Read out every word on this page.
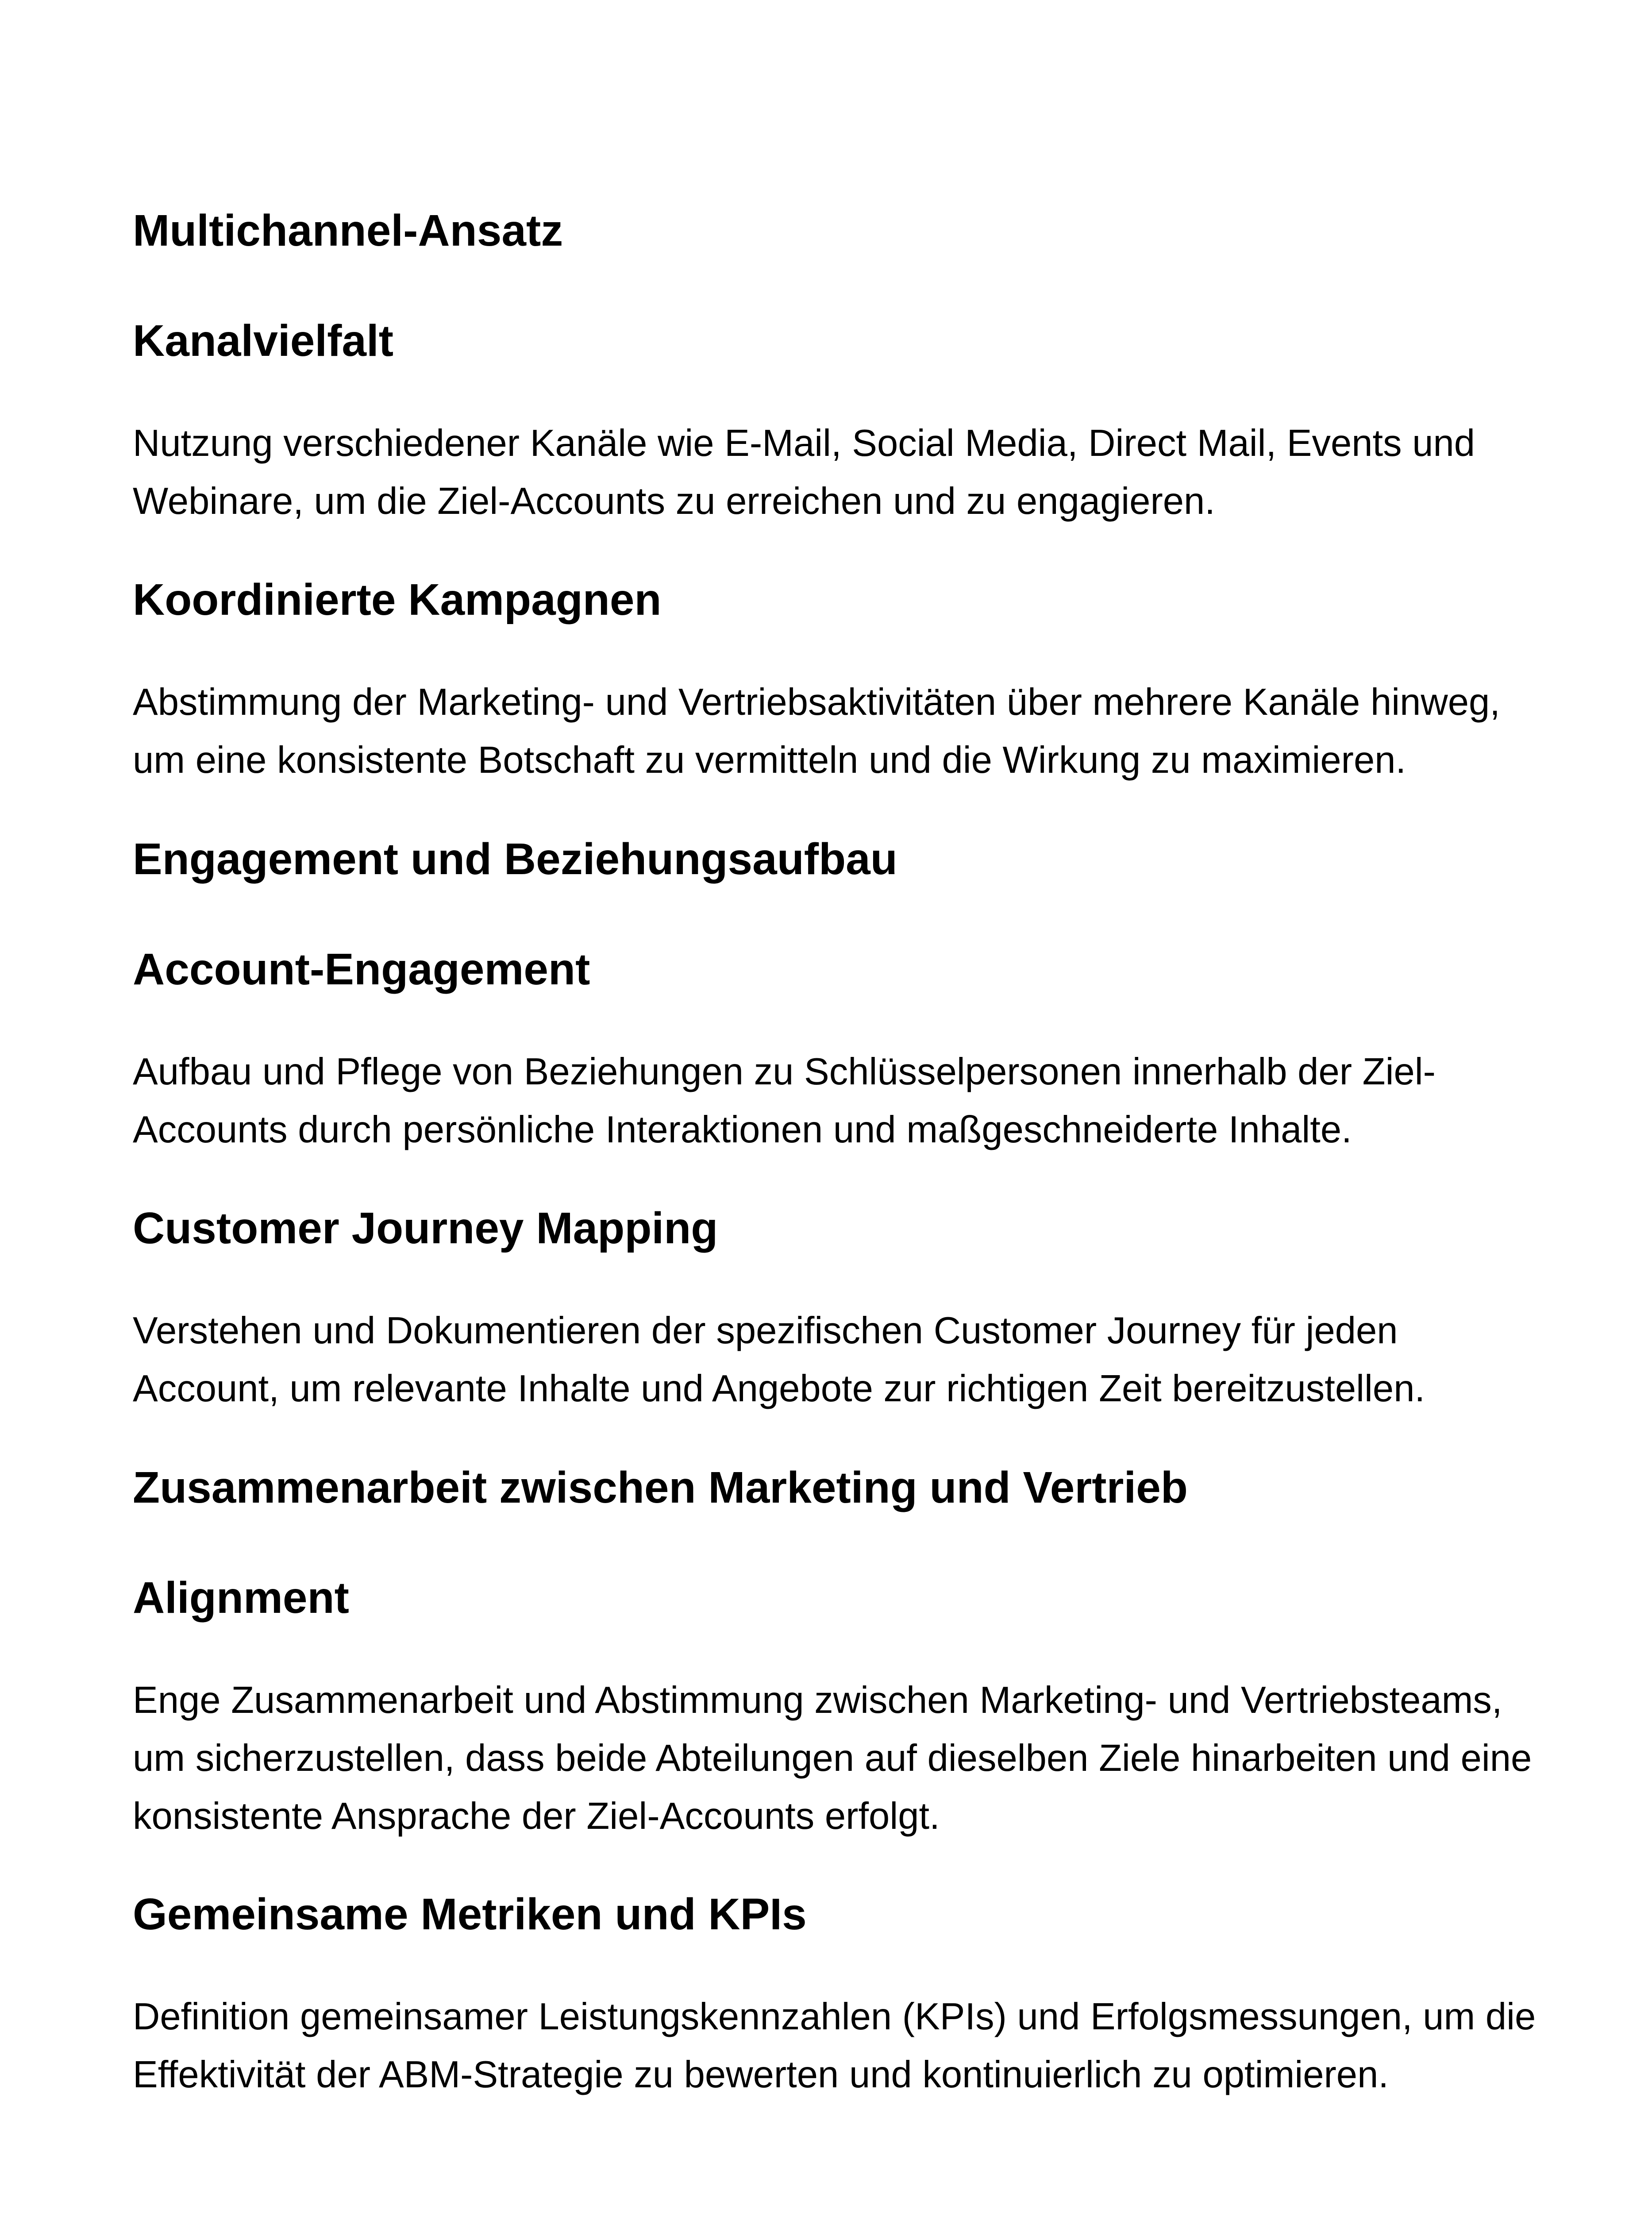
Multichannel-Ansatz
Kanalvielfalt
Nutzung verschiedener Kanäle wie E-Mail, Social Media, Direct Mail, Events und
Webinare, um die Ziel-Accounts zu erreichen und zu engagieren.
Koordinierte Kampagnen
Abstimmung der Marketing- und Vertriebsaktivitäten über mehrere Kanäle hinweg,
um eine konsistente Botschaft zu vermitteln und die Wirkung zu maximieren.
Engagement und Beziehungsaufbau
Account-Engagement
Aufbau und Pflege von Beziehungen zu Schlüsselpersonen innerhalb der Ziel-
Accounts durch persönliche Interaktionen und maßgeschneiderte Inhalte.
Customer Journey Mapping
Verstehen und Dokumentieren der spezifischen Customer Journey für jeden
Account, um relevante Inhalte und Angebote zur richtigen Zeit bereitzustellen.
Zusammenarbeit zwischen Marketing und Vertrieb
Alignment
Enge Zusammenarbeit und Abstimmung zwischen Marketing- und Vertriebsteams,
um sicherzustellen, dass beide Abteilungen auf dieselben Ziele hinarbeiten und eine
konsistente Ansprache der Ziel-Accounts erfolgt.
Gemeinsame Metriken und KPIs
Definition gemeinsamer Leistungskennzahlen (KPIs) und Erfolgsmessungen, um die
Effektivität der ABM-Strategie zu bewerten und kontinuierlich zu optimieren.
